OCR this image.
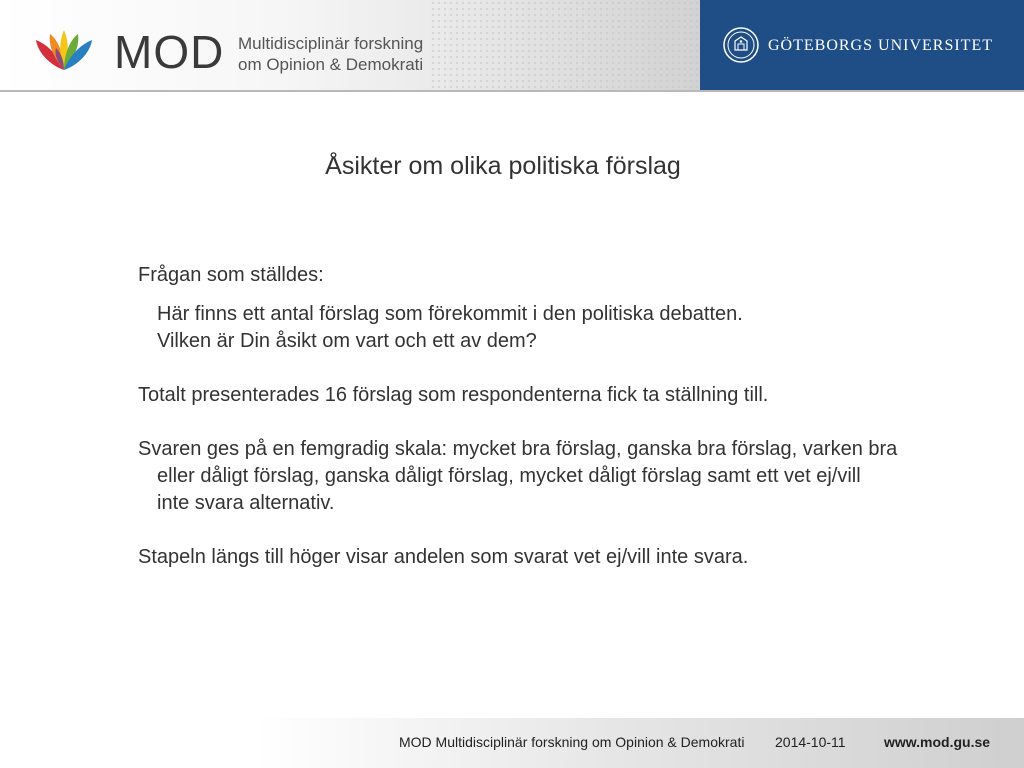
MOD Multidisciplinär forskning
om Opinion & Demokrati
GÖTEBORGS UNIVERSITET
Åsikter om olika politiska förslag

Frågan som ställdes:

Här finns ett antal förslag som förekommit i den politiska debatten.

Vilken är Din åsikt om vart och ett av dem?

Totalt presenterades 16 förslag som respondenterna fick ta ställning till.

Svaren ges på en femgradig skala: mycket bra förslag, ganska bra förslag, varken bra eller dåligt förslag, ganska dåligt förslag, mycket dåligt förslag samt ett vet ej/vill inte svara alternativ.

Stapeln längs till höger visar andelen som svarat vet ej/vill inte svara.

MOD Multidisciplinär forskning om Opinion & Demokrati 2014-10-11	www.mod.gu.se
